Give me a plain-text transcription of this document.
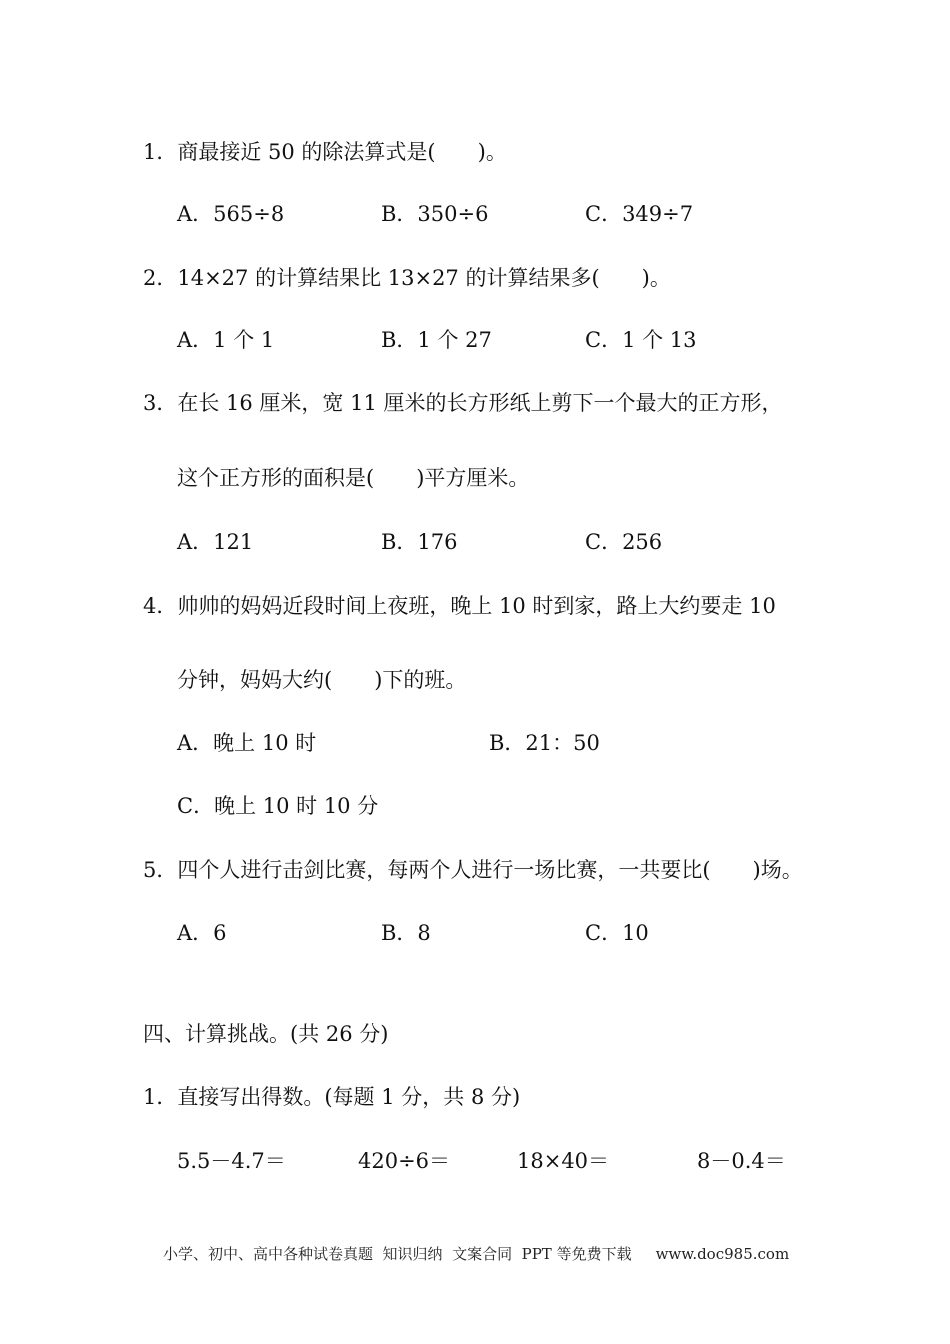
1．商最接近 50 的除法算式是(　　)。
A．565÷8	B．350÷6	C．349÷7
2．14×27 的计算结果比 13×27 的计算结果多(　　)。
A．1 个 1	B．1 个 27	C．1 个 13
3．在长 16 厘米，宽 11 厘米的长方形纸上剪下一个最大的正方形，
这个正方形的面积是(　　)平方厘米。
A．121	B．176	C．256
4．帅帅的妈妈近段时间上夜班，晚上 10 时到家，路上大约要走 10
分钟，妈妈大约(　　)下的班。
A．晚上 10 时	B．21：50
C．晚上 10 时 10 分
5．四个人进行击剑比赛，每两个人进行一场比赛，一共要比(　　)场。
A．6	B．8	C．10
四、计算挑战。(共 26 分)
1．直接写出得数。(每题 1 分，共 8 分)
5.5－4.7＝	420÷6＝	18×40＝	8－0.4＝
小学、初中、高中各种试卷真题  知识归纳  文案合同  PPT 等免费下载 www.doc985.com
